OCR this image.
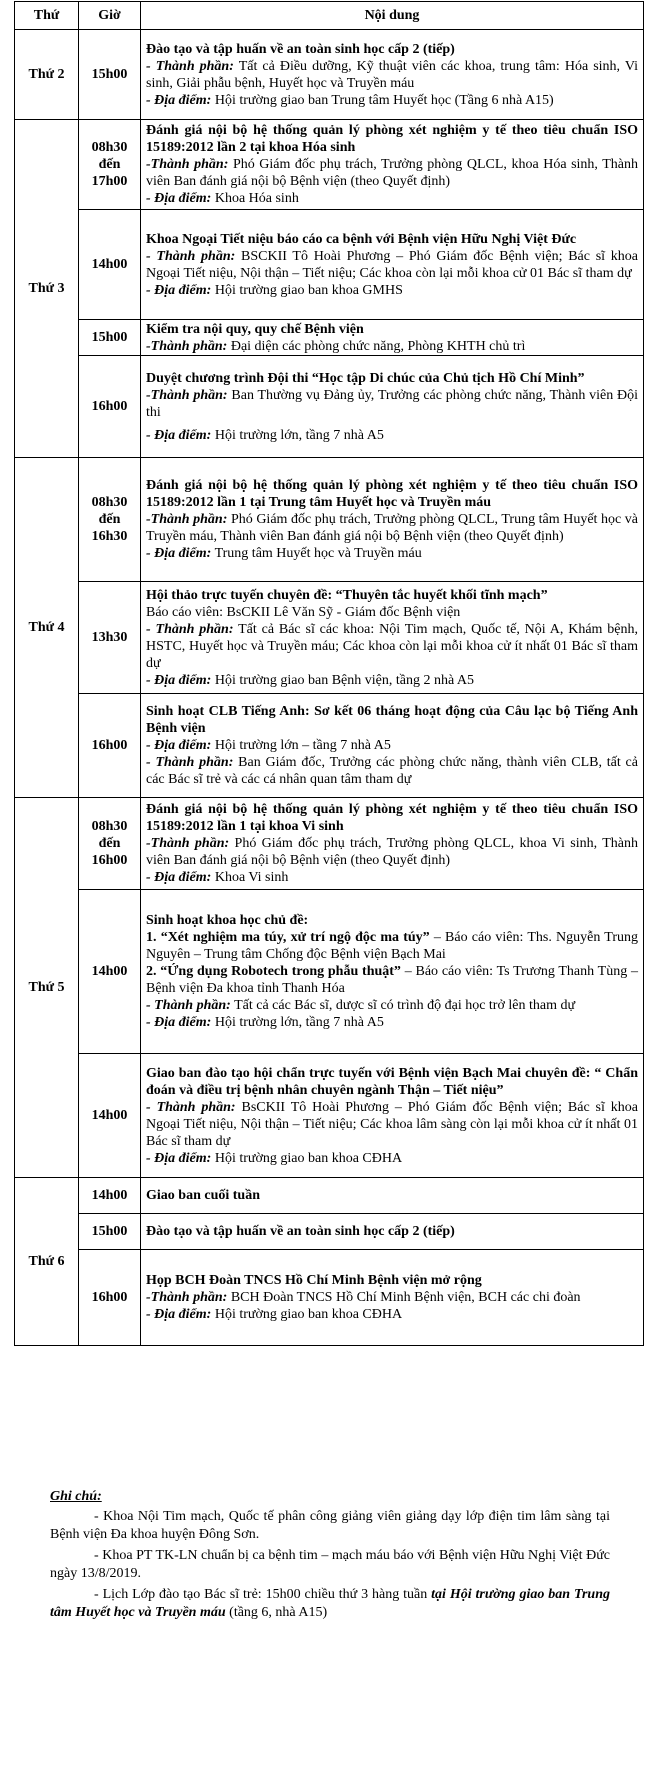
Thứ	Giờ	Nội dung
Thứ 2	15h00	Đào tạo và tập huấn về an toàn sinh học cấp 2 (tiếp)
- Thành phần: Tất cả Điều dưỡng, Kỹ thuật viên các khoa, trung tâm: Hóa sinh, Vi sinh, Giải phẫu bệnh, Huyết học và Truyền máu
- Địa điểm: Hội trường giao ban Trung tâm Huyết học (Tầng 6 nhà A15)

Thứ 3	08h30 đến 17h00	Đánh giá nội bộ hệ thống quản lý phòng xét nghiệm y tế theo tiêu chuẩn ISO 15189:2012 lần 2 tại khoa Hóa sinh
-Thành phần: Phó Giám đốc phụ trách, Trưởng phòng QLCL, khoa Hóa sinh, Thành viên Ban đánh giá nội bộ Bệnh viện (theo Quyết định)
- Địa điểm: Khoa Hóa sinh

	14h00	Khoa Ngoại Tiết niệu báo cáo ca bệnh với Bệnh viện Hữu Nghị Việt Đức
- Thành phần: BSCKII Tô Hoài Phương – Phó Giám đốc Bệnh viện; Bác sĩ khoa Ngoại Tiết niệu, Nội thận – Tiết niệu; Các khoa còn lại mỗi khoa cử 01 Bác sĩ tham dự
- Địa điểm: Hội trường giao ban khoa GMHS

	15h00	Kiểm tra nội quy, quy chế Bệnh viện
-Thành phần: Đại diện các phòng chức năng, Phòng KHTH chủ trì

	16h00	Duyệt chương trình Đội thi “Học tập Di chúc của Chủ tịch Hồ Chí Minh”
-Thành phần: Ban Thường vụ Đảng ủy, Trưởng các phòng chức năng, Thành viên Đội thi
- Địa điểm: Hội trường lớn, tầng 7 nhà A5

Thứ 4	08h30 đến 16h30	Đánh giá nội bộ hệ thống quản lý phòng xét nghiệm y tế theo tiêu chuẩn ISO 15189:2012 lần 1 tại Trung tâm Huyết học và Truyền máu
-Thành phần: Phó Giám đốc phụ trách, Trưởng phòng QLCL, Trung tâm Huyết học và Truyền máu, Thành viên Ban đánh giá nội bộ Bệnh viện (theo Quyết định)
- Địa điểm: Trung tâm Huyết học và Truyền máu

	13h30	Hội thảo trực tuyến chuyên đề: “Thuyên tắc huyết khối tĩnh mạch”
Báo cáo viên: BsCKII Lê Văn Sỹ - Giám đốc Bệnh viện
- Thành phần: Tất cả Bác sĩ các khoa: Nội Tim mạch, Quốc tế, Nội A, Khám bệnh, HSTC, Huyết học và Truyền máu; Các khoa còn lại mỗi khoa cử ít nhất 01 Bác sĩ tham dự
- Địa điểm: Hội trường giao ban Bệnh viện, tầng 2 nhà A5

	16h00	Sinh hoạt CLB Tiếng Anh: Sơ kết 06 tháng hoạt động của Câu lạc bộ Tiếng Anh Bệnh viện
- Địa điểm: Hội trường lớn – tầng 7 nhà A5
- Thành phần: Ban Giám đốc, Trưởng các phòng chức năng, thành viên CLB, tất cả các Bác sĩ trẻ và các cá nhân quan tâm tham dự

Thứ 5	08h30 đến 16h00	Đánh giá nội bộ hệ thống quản lý phòng xét nghiệm y tế theo tiêu chuẩn ISO 15189:2012 lần 1 tại khoa Vi sinh
-Thành phần: Phó Giám đốc phụ trách, Trưởng phòng QLCL, khoa Vi sinh, Thành viên Ban đánh giá nội bộ Bệnh viện (theo Quyết định)
- Địa điểm: Khoa Vi sinh

	14h00	Sinh hoạt khoa học chủ đề:
1. “Xét nghiệm ma túy, xử trí ngộ độc ma túy” – Báo cáo viên: Ths. Nguyễn Trung Nguyên – Trung tâm Chống độc Bệnh viện Bạch Mai
2. “Ứng dụng Robotech trong phẫu thuật” – Báo cáo viên: Ts Trương Thanh Tùng – Bệnh viện Đa khoa tỉnh Thanh Hóa
- Thành phần: Tất cả các Bác sĩ, dược sĩ có trình độ đại học trở lên tham dự
- Địa điểm: Hội trường lớn, tầng 7 nhà A5

	14h00	Giao ban đào tạo hội chẩn trực tuyến với Bệnh viện Bạch Mai chuyên đề: “ Chẩn đoán và điều trị bệnh nhân chuyên ngành Thận – Tiết niệu”
- Thành phần: BsCKII Tô Hoài Phương – Phó Giám đốc Bệnh viện; Bác sĩ khoa Ngoại Tiết niệu, Nội thận – Tiết niệu; Các khoa lâm sàng còn lại mỗi khoa cử ít nhất 01 Bác sĩ tham dự
- Địa điểm: Hội trường giao ban khoa CĐHA

Thứ 6	14h00	Giao ban cuối tuần

	15h00	Đào tạo và tập huấn về an toàn sinh học cấp 2 (tiếp)

	16h00	Họp BCH Đoàn TNCS Hồ Chí Minh Bệnh viện mở rộng
-Thành phần: BCH Đoàn TNCS Hồ Chí Minh Bệnh viện, BCH các chi đoàn
- Địa điểm: Hội trường giao ban khoa CĐHA
Ghi chú:
- Khoa Nội Tim mạch, Quốc tế phân công giảng viên giảng dạy lớp điện tim lâm sàng tại Bệnh viện Đa khoa huyện Đông Sơn.
- Khoa PT TK-LN chuẩn bị ca bệnh tim – mạch máu báo với Bệnh viện Hữu Nghị Việt Đức ngày 13/8/2019.
- Lịch Lớp đào tạo Bác sĩ trẻ: 15h00 chiều thứ 3 hàng tuần tại Hội trường giao ban Trung tâm Huyết học và Truyền máu (tầng 6, nhà A15)
